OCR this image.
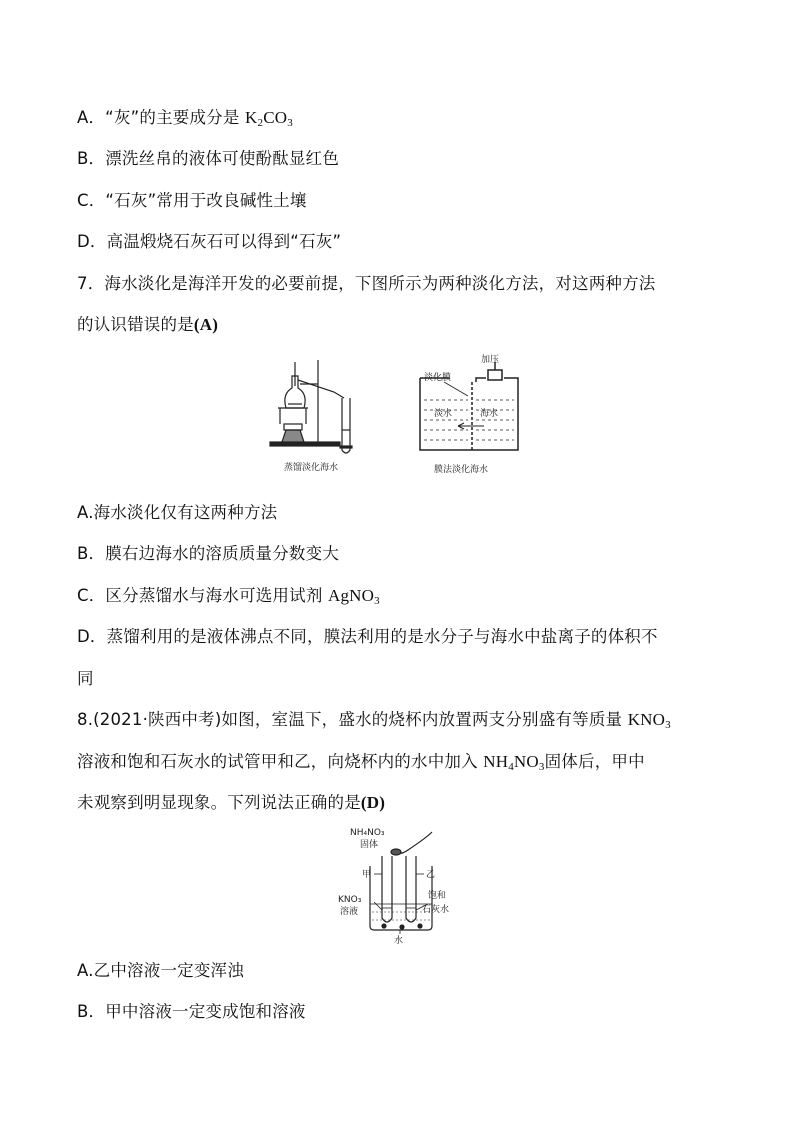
A．“灰”的主要成分是 $K_2CO_3$
B．漂洗丝帛的液体可使酚酞显红色
C．“石灰”常用于改良碱性土壤
D．高温煅烧石灰石可以得到“石灰”
7．海水淡化是海洋开发的必要前提，下图所示为两种淡化方法，对这两种方法
的认识错误的是(A)
加压
淡化膜
淡水	海水
蒸馏淡化海水	膜法淡化海水
A.海水淡化仅有这两种方法
B．膜右边海水的溶质质量分数变大
C．区分蒸馏水与海水可选用试剂 AgNO$_3$
D．蒸馏利用的是液体沸点不同，膜法利用的是水分子与海水中盐离子的体积不
同
8.(2021·陕西中考)如图，室温下，盛水的烧杯内放置两支分别盛有等质量 $KNO_3$
溶液和饱和石灰水的试管甲和乙，向烧杯内的水中加入 $NH_4NO_3$固体后，甲中
未观察到明显现象。下列说法正确的是(D)
NH₄NO₃
固体
甲	乙
KNO₃
溶液
饱和
石灰水
水
A.乙中溶液一定变浑浊
B．甲中溶液一定变成饱和溶液
